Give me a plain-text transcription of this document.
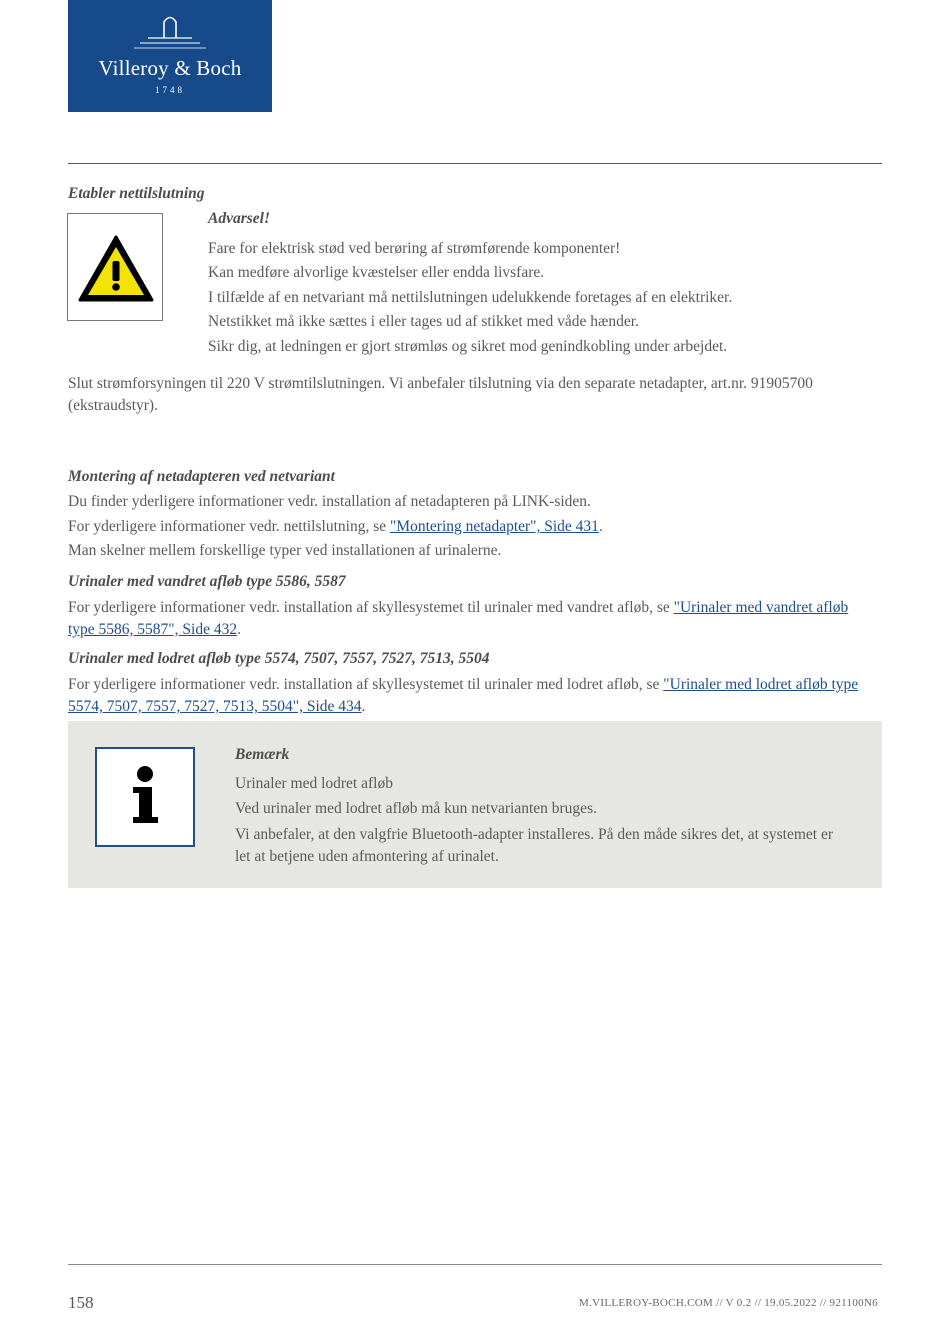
Villeroy & Boch
1748
Etabler nettilslutning
Advarsel!
Fare for elektrisk stød ved berøring af strømførende komponenter!
Kan medføre alvorlige kvæstelser eller endda livsfare.
I tilfælde af en netvariant må nettilslutningen udelukkende foretages af en elektriker.
Netstikket må ikke sættes i eller tages ud af stikket med våde hænder.
Sikr dig, at ledningen er gjort strømløs og sikret mod genindkobling under arbejdet.
Slut strømforsyningen til 220 V strømtilslutningen. Vi anbefaler tilslutning via den separate netadapter, art.nr. 91905700 (ekstraudstyr).
Montering af netadapteren ved netvariant
Du finder yderligere informationer vedr. installation af netadapteren på LINK-siden.
For yderligere informationer vedr. nettilslutning, se "Montering netadapter", Side 431.
Man skelner mellem forskellige typer ved installationen af urinalerne.
Urinaler med vandret afløb type 5586, 5587
For yderligere informationer vedr. installation af skyllesystemet til urinaler med vandret afløb, se "Urinaler med vandret afløb type 5586, 5587", Side 432.
Urinaler med lodret afløb type 5574, 7507, 7557, 7527, 7513, 5504
For yderligere informationer vedr. installation af skyllesystemet til urinaler med lodret afløb, se "Urinaler med lodret afløb type 5574, 7507, 7557, 7527, 7513, 5504", Side 434.
Bemærk
Urinaler med lodret afløb
Ved urinaler med lodret afløb må kun netvarianten bruges.
Vi anbefaler, at den valgfrie Bluetooth-adapter installeres. På den måde sikres det, at systemet er let at betjene uden afmontering af urinalet.
158	M.VILLEROY-BOCH.COM // V 0.2 // 19.05.2022 // 921100N6
